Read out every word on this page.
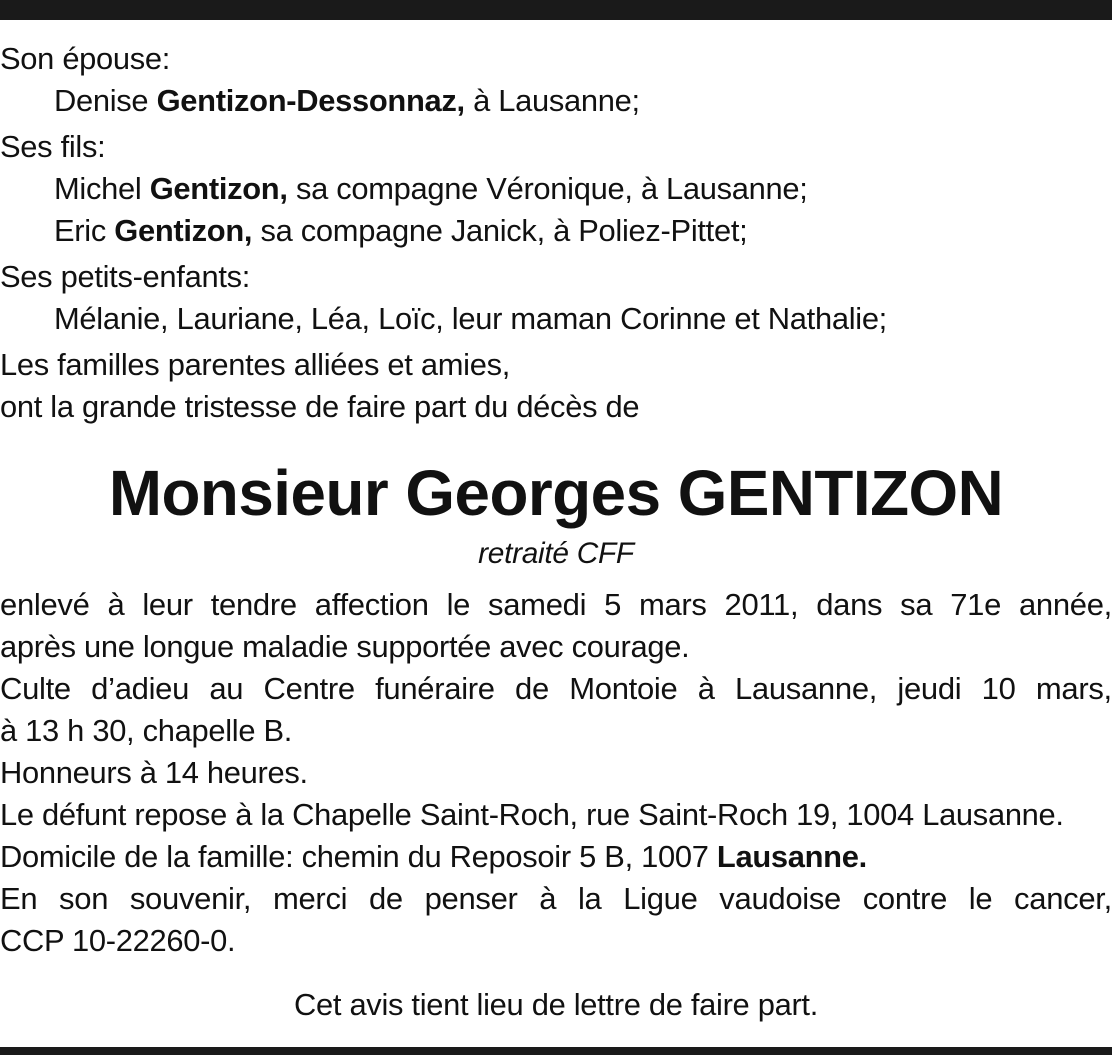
Son épouse:
Denise Gentizon-Dessonnaz, à Lausanne;
Ses fils:
Michel Gentizon, sa compagne Véronique, à Lausanne;
Eric Gentizon, sa compagne Janick, à Poliez-Pittet;
Ses petits-enfants:
Mélanie, Lauriane, Léa, Loïc, leur maman Corinne et Nathalie;
Les familles parentes alliées et amies,
ont la grande tristesse de faire part du décès de
Monsieur Georges GENTIZON
retraité CFF
enlevé à leur tendre affection le samedi 5 mars 2011, dans sa 71e année,
après une longue maladie supportée avec courage.
Culte d’adieu au Centre funéraire de Montoie à Lausanne, jeudi 10 mars,
à 13 h 30, chapelle B.
Honneurs à 14 heures.
Le défunt repose à la Chapelle Saint-Roch, rue Saint-Roch 19, 1004 Lausanne.
Domicile de la famille: chemin du Reposoir 5 B, 1007 Lausanne.
En son souvenir, merci de penser à la Ligue vaudoise contre le cancer,
CCP 10-22260-0.
Cet avis tient lieu de lettre de faire part.
